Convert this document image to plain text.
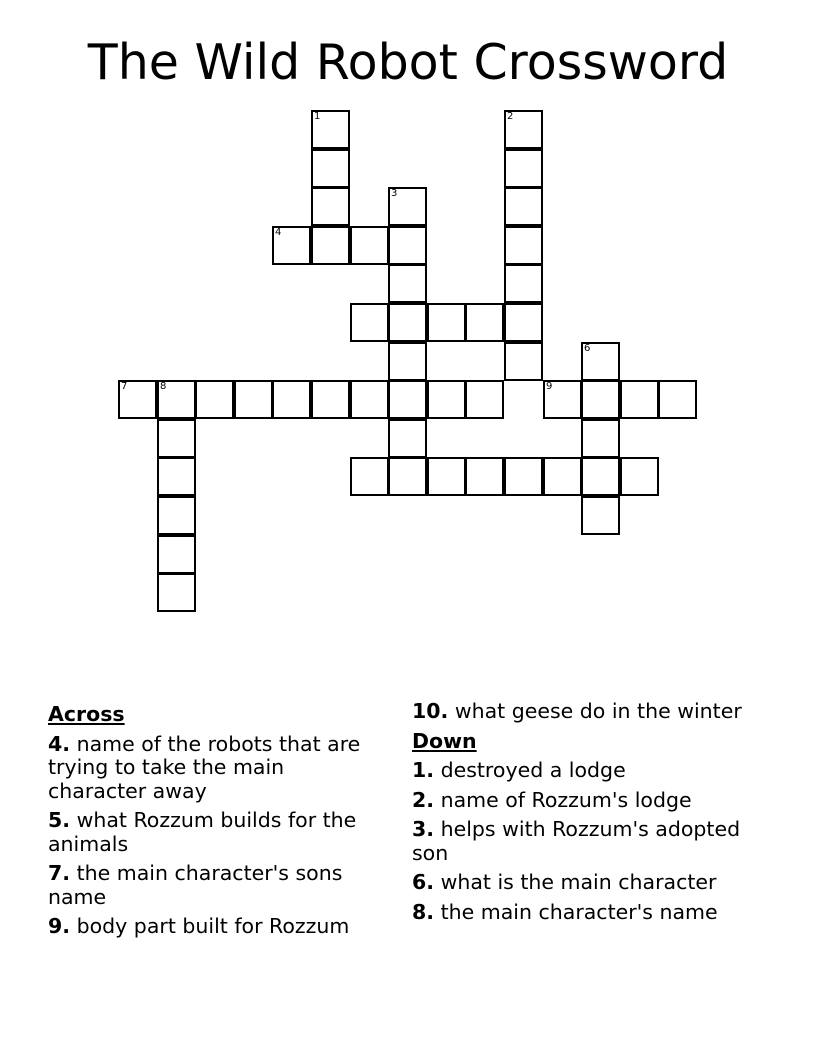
The Wild Robot Crossword
1	2
3
4
6
7	8	9
Across
4. name of the robots that are trying to take the main character away
5. what Rozzum builds for the animals
7. the main character's sons name
9. body part built for Rozzum
10. what geese do in the winter
Down
1. destroyed a lodge
2. name of Rozzum's lodge
3. helps with Rozzum's adopted son
6. what is the main character
8. the main character's name
